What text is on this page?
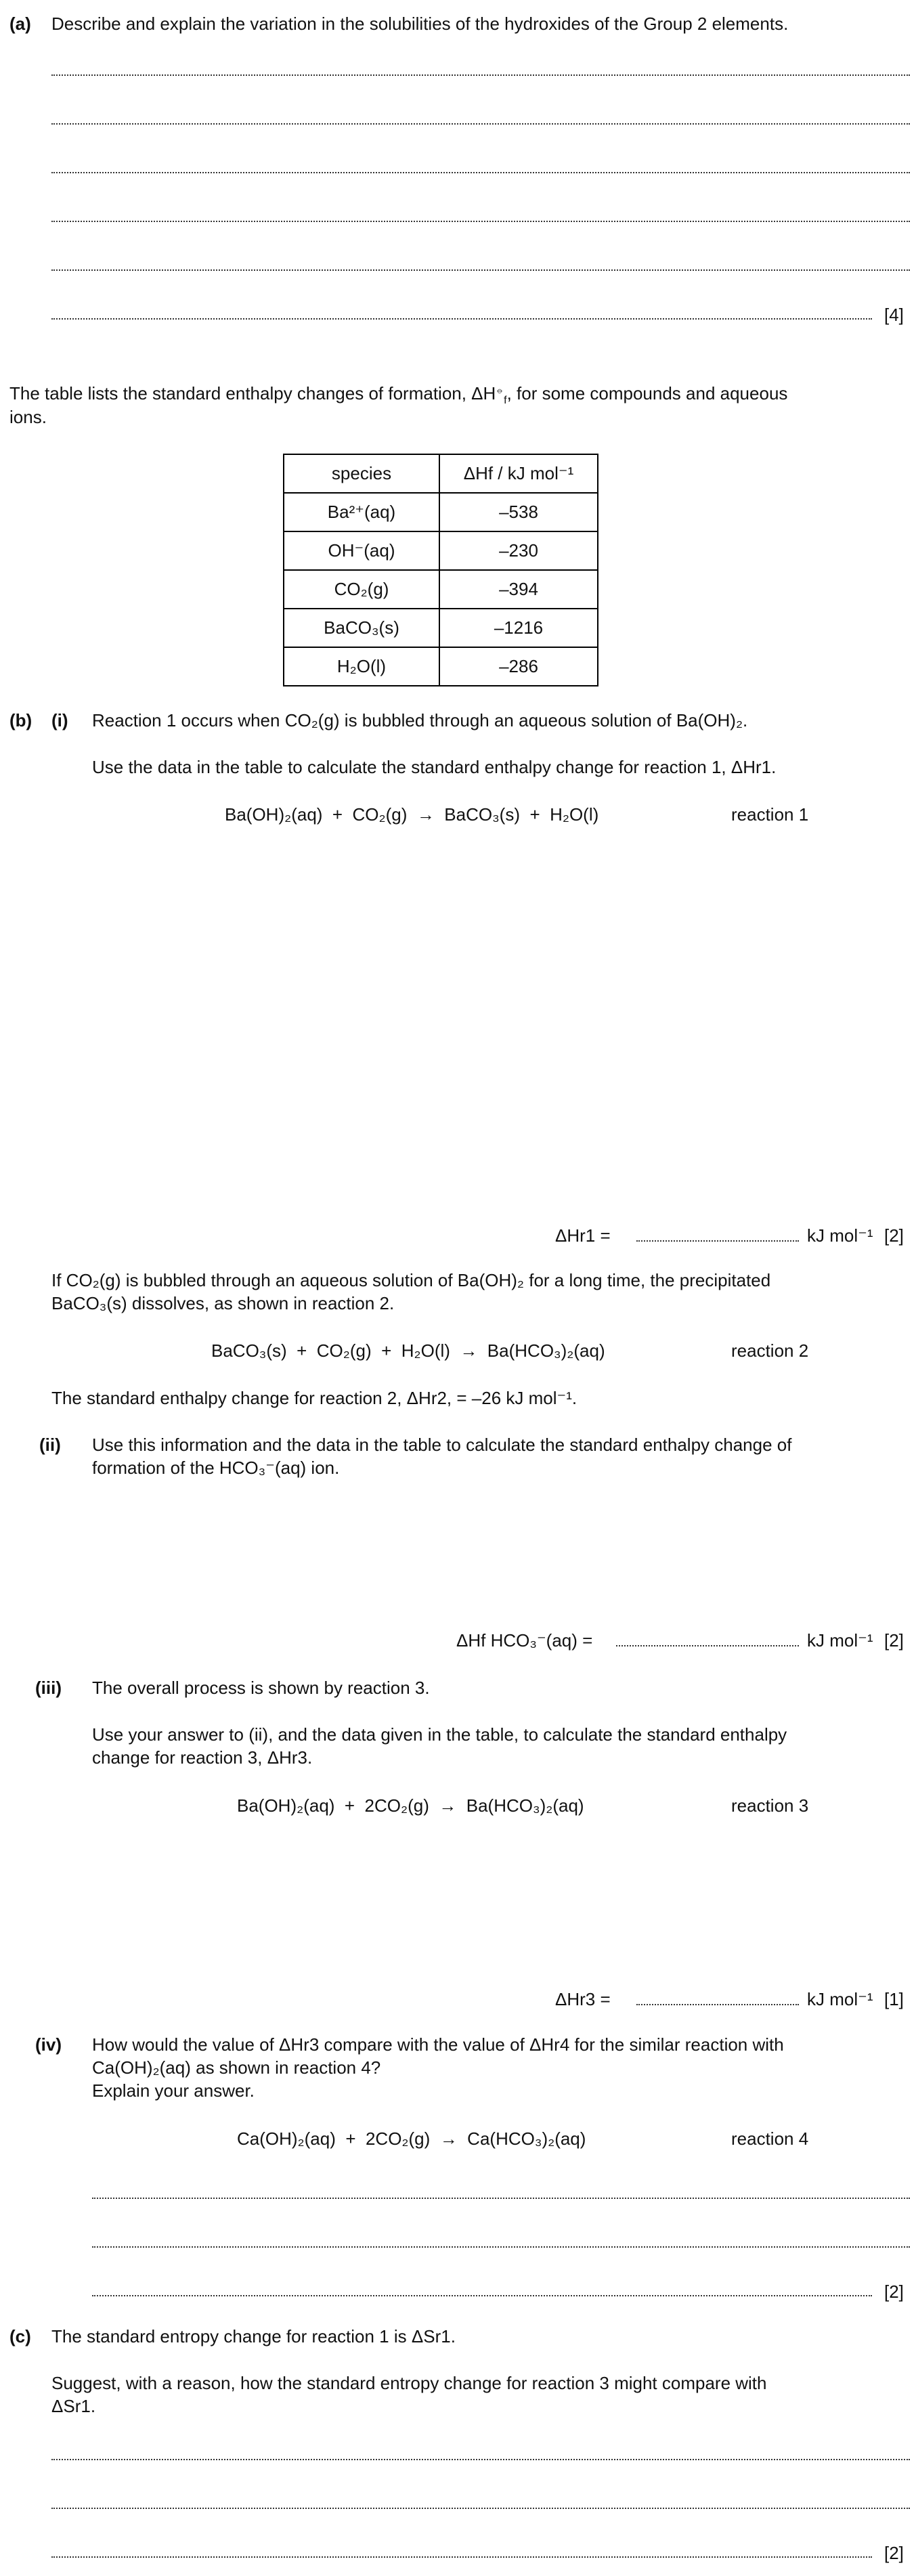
(a) Describe and explain the variation in the solubilities of the hydroxides of the Group 2 elements.
[4]
The table lists the standard enthalpy changes of formation, $\Delta H^⦵_f$, for some compounds and aqueous
ions.
species	ΔHf / kJ mol⁻¹
Ba²⁺(aq)	–538
OH⁻(aq)	–230
CO₂(g)	–394
BaCO₃(s)	–1216
H₂O(l)	–286
(b) (i) Reaction 1 occurs when CO₂(g) is bubbled through an aqueous solution of Ba(OH)₂.
Use the data in the table to calculate the standard enthalpy change for reaction 1, ΔHr1.
Ba(OH)₂(aq)  +  CO₂(g)  →  BaCO₃(s)  +  H₂O(l)	reaction 1
ΔHr1 =	kJ mol⁻¹ [2]
If CO₂(g) is bubbled through an aqueous solution of Ba(OH)₂ for a long time, the precipitated
BaCO₃(s) dissolves, as shown in reaction 2.
BaCO₃(s)  +  CO₂(g)  +  H₂O(l)  →  Ba(HCO₃)₂(aq)	reaction 2
The standard enthalpy change for reaction 2, ΔHr2, = –26 kJ mol⁻¹.
(ii) Use this information and the data in the table to calculate the standard enthalpy change of
formation of the HCO₃⁻(aq) ion.
ΔHf HCO₃⁻(aq) =	kJ mol⁻¹ [2]
(iii) The overall process is shown by reaction 3.
Use your answer to (ii), and the data given in the table, to calculate the standard enthalpy
change for reaction 3, ΔHr3.
Ba(OH)₂(aq)  +  2CO₂(g)  →  Ba(HCO₃)₂(aq)	reaction 3
ΔHr3 =	kJ mol⁻¹ [1]
(iv) How would the value of ΔHr3 compare with the value of ΔHr4 for the similar reaction with
Ca(OH)₂(aq) as shown in reaction 4?
Explain your answer.
Ca(OH)₂(aq)  +  2CO₂(g)  →  Ca(HCO₃)₂(aq)	reaction 4
[2]
(c) The standard entropy change for reaction 1 is ΔSr1.
Suggest, with a reason, how the standard entropy change for reaction 3 might compare with
ΔSr1.
[2]
